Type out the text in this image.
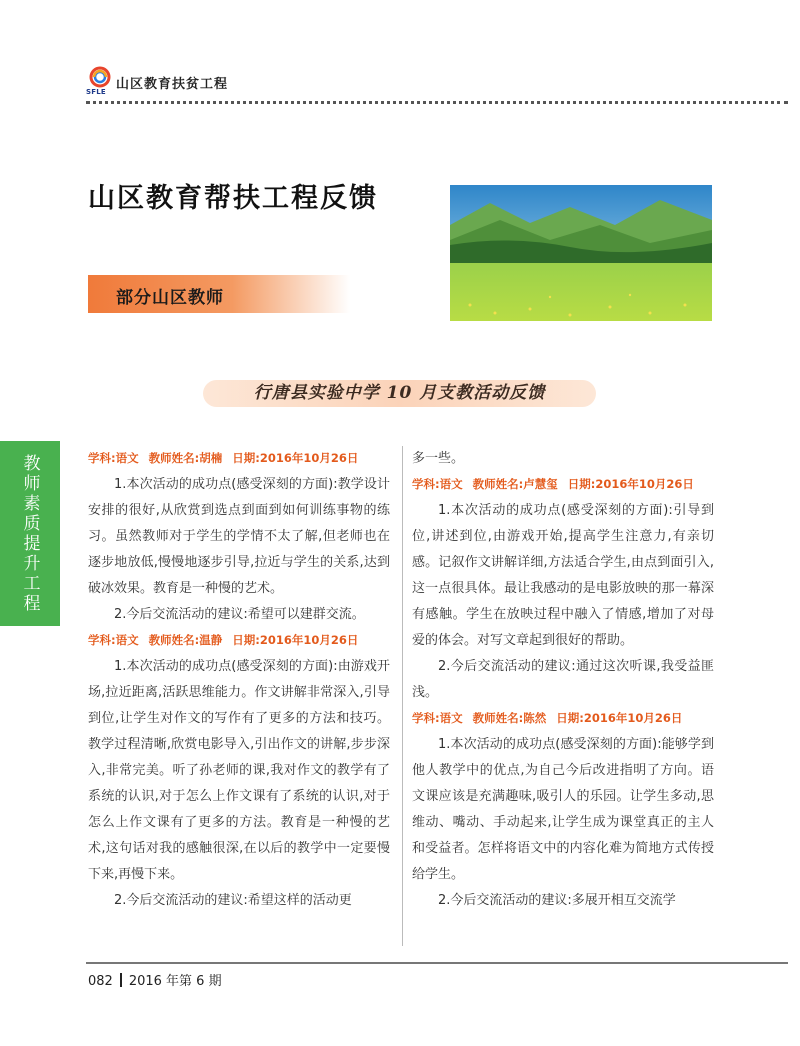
SFLE 山区教育扶贫工程
山区教育帮扶工程反馈
部分山区教师
行唐县实验中学 10 月支教活动反馈
教师素质提升工程	学科:语文 教师姓名:胡楠 日期:2016年10月26日

1.本次活动的成功点(感受深刻的方面):教学设计安排的很好,从欣赏到选点到面到如何训练事物的练习。虽然教师对于学生的学情不太了解,但老师也在逐步地放低,慢慢地逐步引导,拉近与学生的关系,达到破冰效果。教育是一种慢的艺术。

2.今后交流活动的建议:希望可以建群交流。

学科:语文 教师姓名:温静 日期:2016年10月26日

1.本次活动的成功点(感受深刻的方面):由游戏开场,拉近距离,活跃思维能力。作文讲解非常深入,引导到位,让学生对作文的写作有了更多的方法和技巧。教学过程清晰,欣赏电影导入,引出作文的讲解,步步深入,非常完美。听了孙老师的课,我对作文的教学有了系统的认识,对于怎么上作文课有了系统的认识,对于怎么上作文课有了更多的方法。教育是一种慢的艺术,这句话对我的感触很深,在以后的教学中一定要慢下来,再慢下来。

2.今后交流活动的建议:希望这样的活动更

多一些。

学科:语文 教师姓名:卢慧玺 日期:2016年10月26日

1.本次活动的成功点(感受深刻的方面):引导到位,讲述到位,由游戏开始,提高学生注意力,有亲切感。记叙作文讲解详细,方法适合学生,由点到面引入,这一点很具体。最让我感动的是电影放映的那一幕深有感触。学生在放映过程中融入了情感,增加了对母爱的体会。对写文章起到很好的帮助。

2.今后交流活动的建议:通过这次听课,我受益匪浅。

学科:语文 教师姓名:陈然 日期:2016年10月26日

1.本次活动的成功点(感受深刻的方面):能够学到他人教学中的优点,为自己今后改进指明了方向。语文课应该是充满趣味,吸引人的乐园。让学生多动,思维动、嘴动、手动起来,让学生成为课堂真正的主人和受益者。怎样将语文中的内容化难为简地方式传授给学生。

2.今后交流活动的建议:多展开相互交流学

082 2016 年第 6 期
